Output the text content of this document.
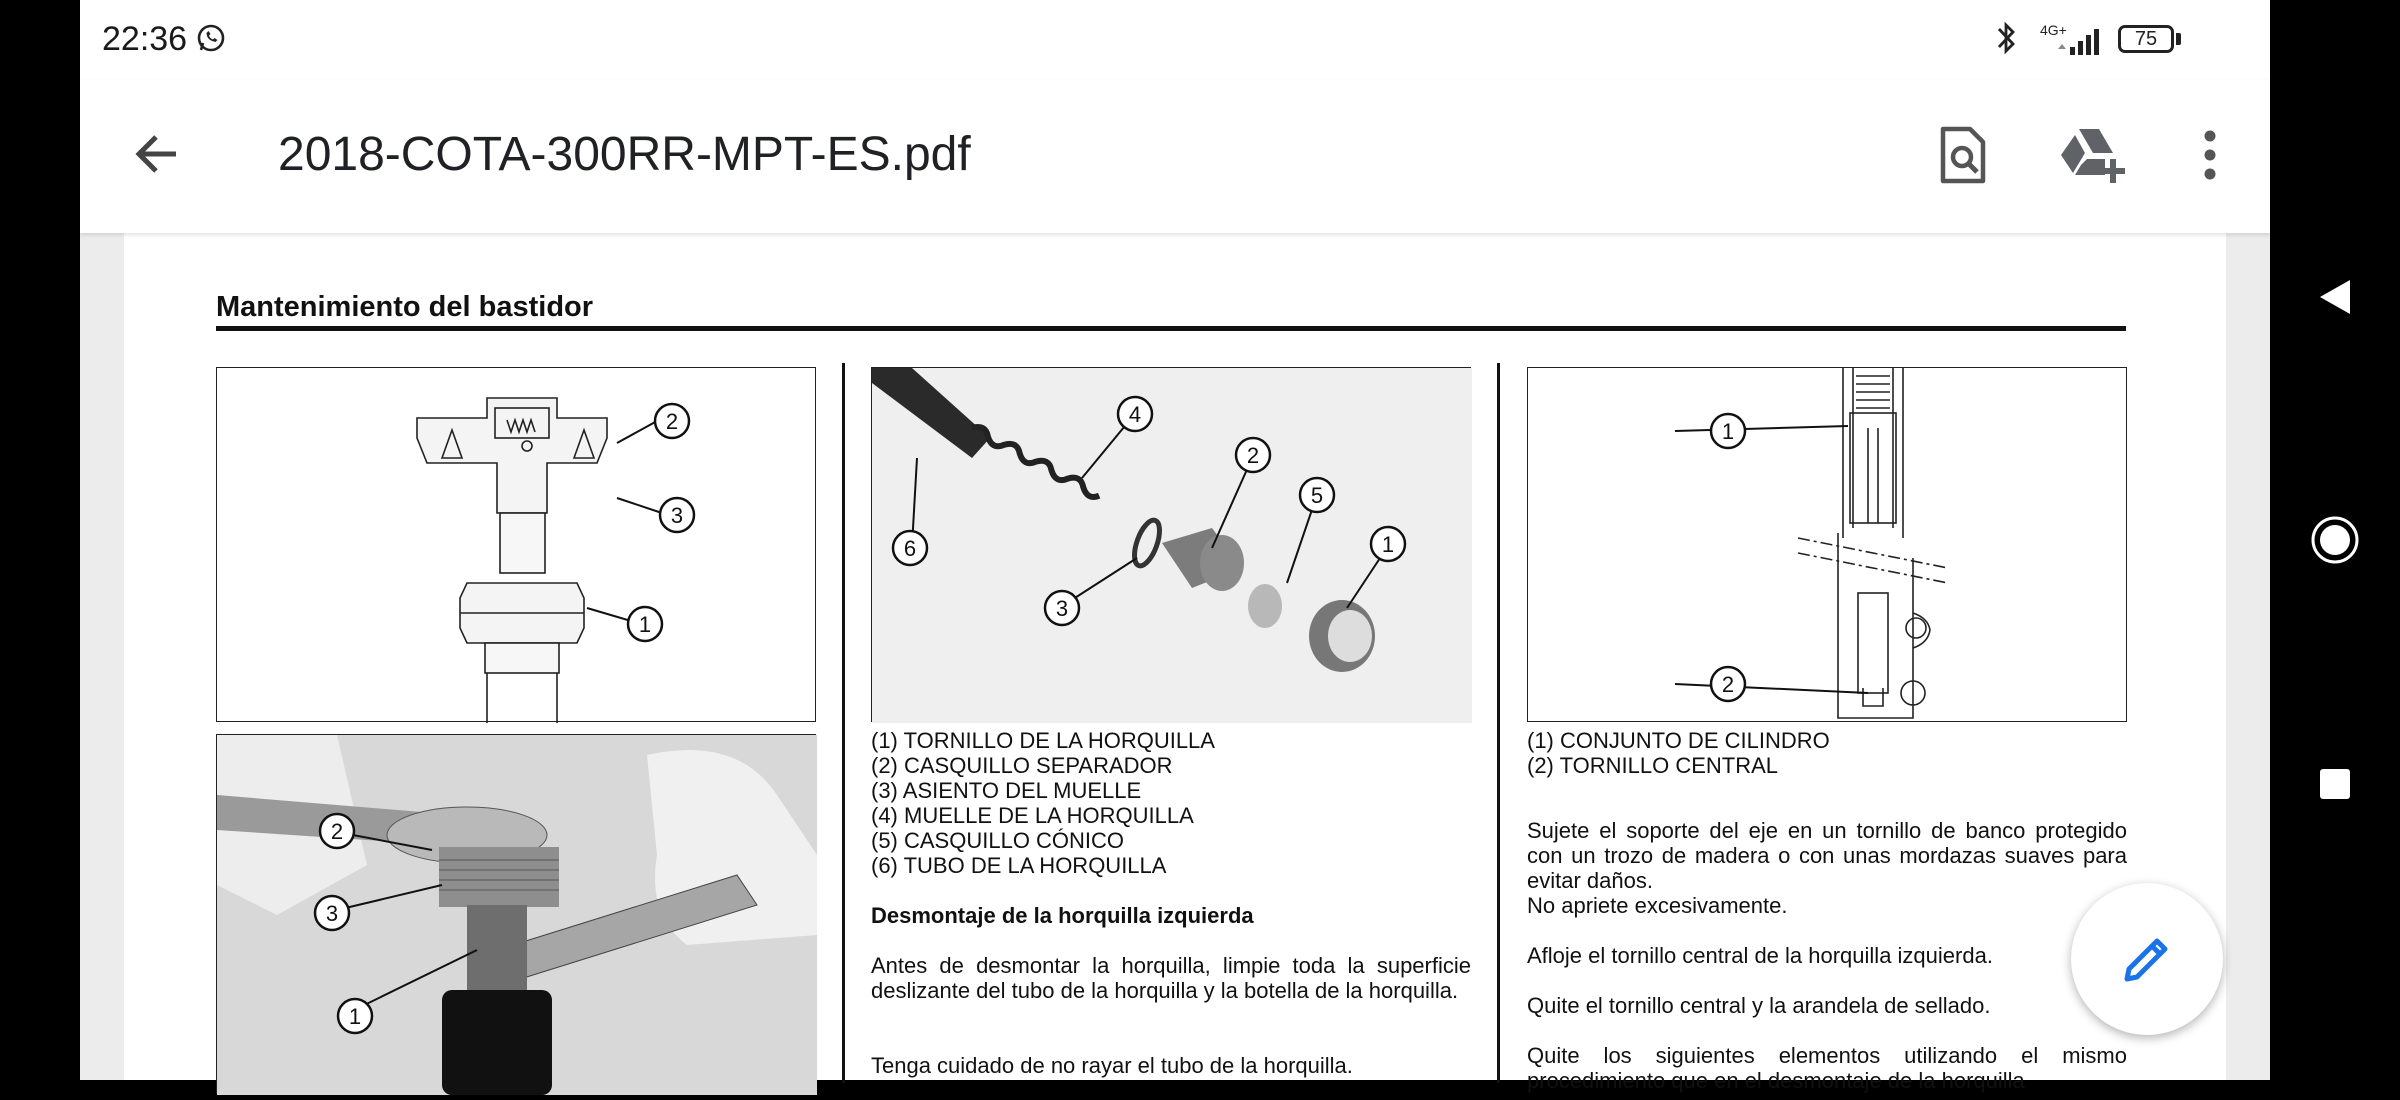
22:36	4G+	75
2018-COTA-300RR-MPT-ES.pdf
Mantenimiento del bastidor
2
3
1
2
3
1
4
2
5
1
6
3
(1) TORNILLO DE LA HORQUILLA
(2) CASQUILLO SEPARADOR
(3) ASIENTO DEL MUELLE
(4) MUELLE DE LA HORQUILLA
(5) CASQUILLO CÓNICO
(6) TUBO DE LA HORQUILLA
Desmontaje de la horquilla izquierda
Antes de desmontar la horquilla, limpie toda la superficie deslizante del tubo de la horquilla y la botella de la horquilla.
Tenga cuidado de no rayar el tubo de la horquilla.
1
2
(1) CONJUNTO DE CILINDRO
(2) TORNILLO CENTRAL
Sujete el soporte del eje en un tornillo de banco protegido con un trozo de madera o con unas mordazas suaves para evitar daños.
No apriete excesivamente.
Afloje el tornillo central de la horquilla izquierda.
Quite el tornillo central y la arandela de sellado.
Quite los siguientes elementos utilizando el mismo procedimiento que en el desmontaje de la horquilla
